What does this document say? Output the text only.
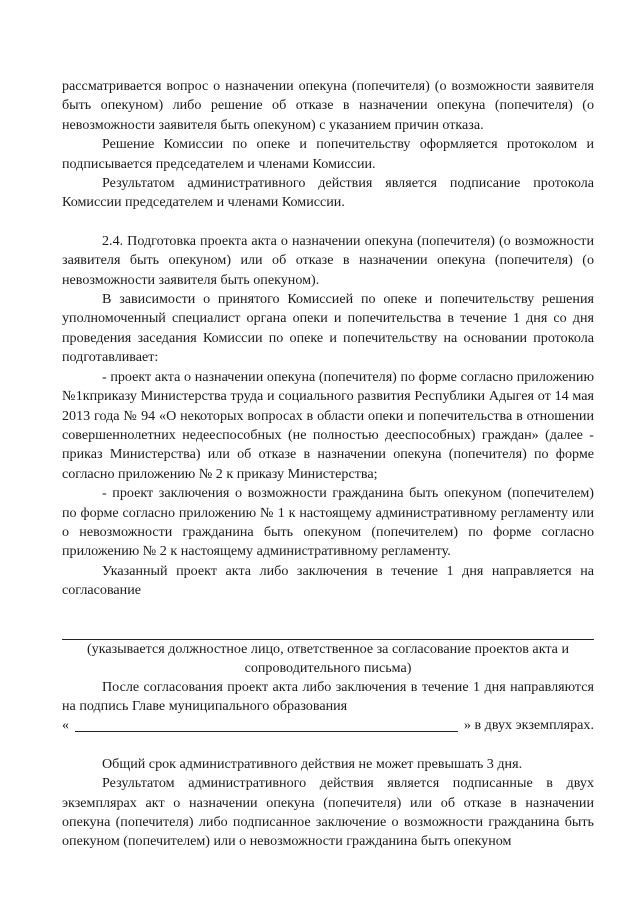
рассматривается вопрос о назначении опекуна (попечителя) (о возможности заявителя быть опекуном) либо решение об отказе в назначении опекуна (попечителя) (о невозможности заявителя быть опекуном) с указанием причин отказа.

Решение Комиссии по опеке и попечительству оформляется протоколом и подписывается председателем и членами Комиссии.

Результатом административного действия является подписание протокола Комиссии председателем и членами Комиссии.

2.4. Подготовка проекта акта о назначении опекуна (попечителя) (о возможности заявителя быть опекуном) или об отказе в назначении опекуна (попечителя) (о невозможности заявителя быть опекуном).

В зависимости о принятого Комиссией по опеке и попечительству решения уполномоченный специалист органа опеки и попечительства в течение 1 дня со дня проведения заседания Комиссии по опеке и попечительству на основании протокола подготавливает:

- проект акта о назначении опекуна (попечителя) по форме согласно приложению №1кприказу Министерства труда и социального развития Республики Адыгея от 14 мая 2013 года № 94 «О некоторых вопросах в области опеки и попечительства в отношении совершеннолетних недееспособных (не полностью дееспособных) граждан» (далее - приказ Министерства) или об отказе в назначении опекуна (попечителя) по форме согласно приложению № 2 к приказу Министерства;

- проект заключения о возможности гражданина быть опекуном (попечителем) по форме согласно приложению № 1 к настоящему административному регламенту или о невозможности гражданина быть опекуном (попечителем) по форме согласно приложению № 2 к настоящему административному регламенту.

Указанный проект акта либо заключения в течение 1 дня направляется на согласование

(указывается должностное лицо, ответственное за согласование проектов акта и сопроводительного письма)

После согласования проект акта либо заключения в течение 1 дня направляются на подпись Главе муниципального образования

«	» в двух экземплярах.

Общий срок административного действия не может превышать 3 дня.

Результатом административного действия является подписанные в двух экземплярах акт о назначении опекуна (попечителя) или об отказе в назначении опекуна (попечителя) либо подписанное заключение о возможности гражданина быть опекуном (попечителем) или о невозможности гражданина быть опекуном
